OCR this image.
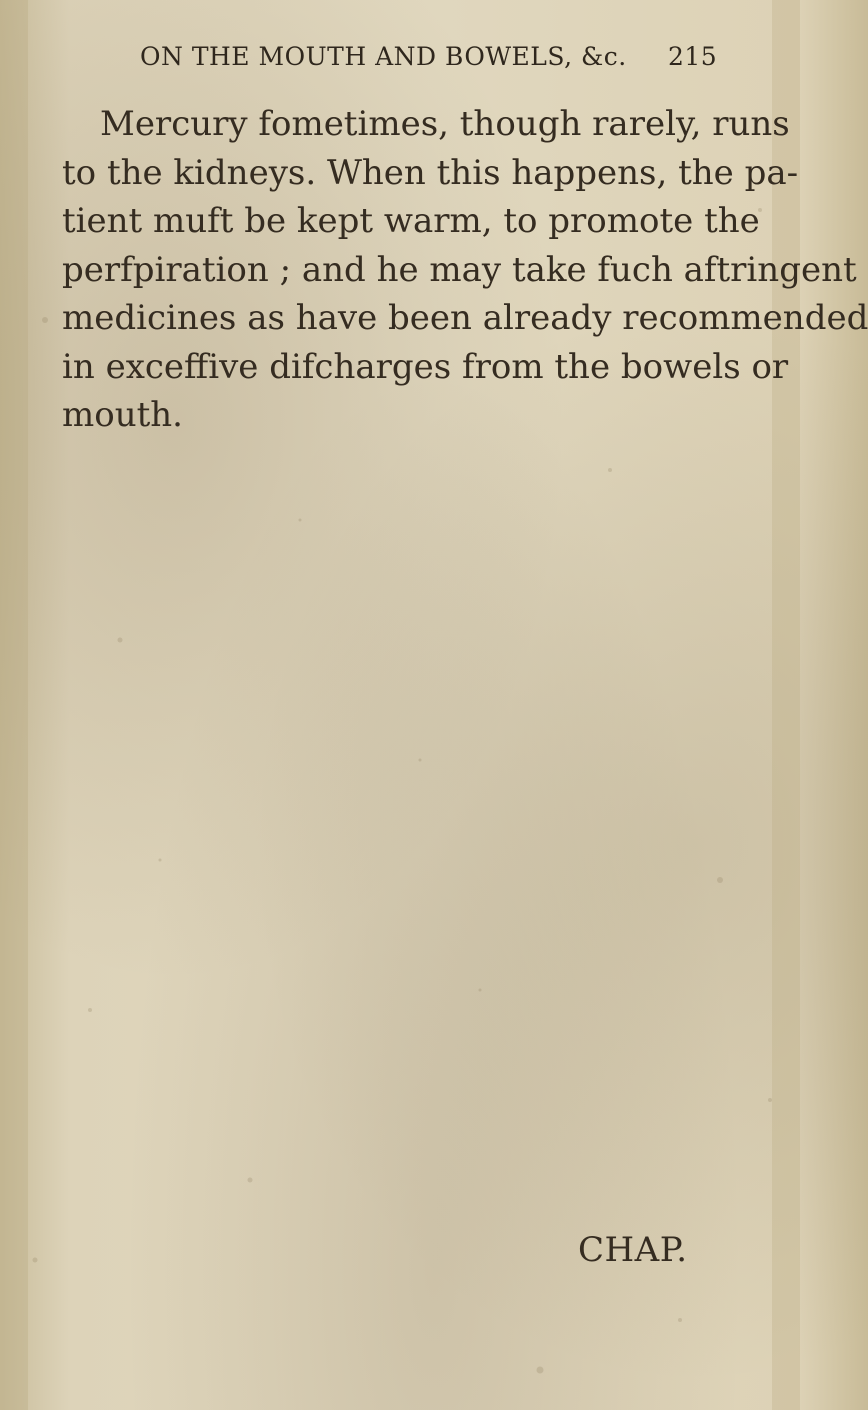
ON THE MOUTH AND BOWELS, &c. 215
Mercury fometimes, though rarely, runs
to the kidneys. When this happens, the pa-
tient muft be kept warm, to promote the
perfpiration ; and he may take fuch aftringent
medicines as have been already recommended
in exceffive difcharges from the bowels or
mouth.
CHAP.
